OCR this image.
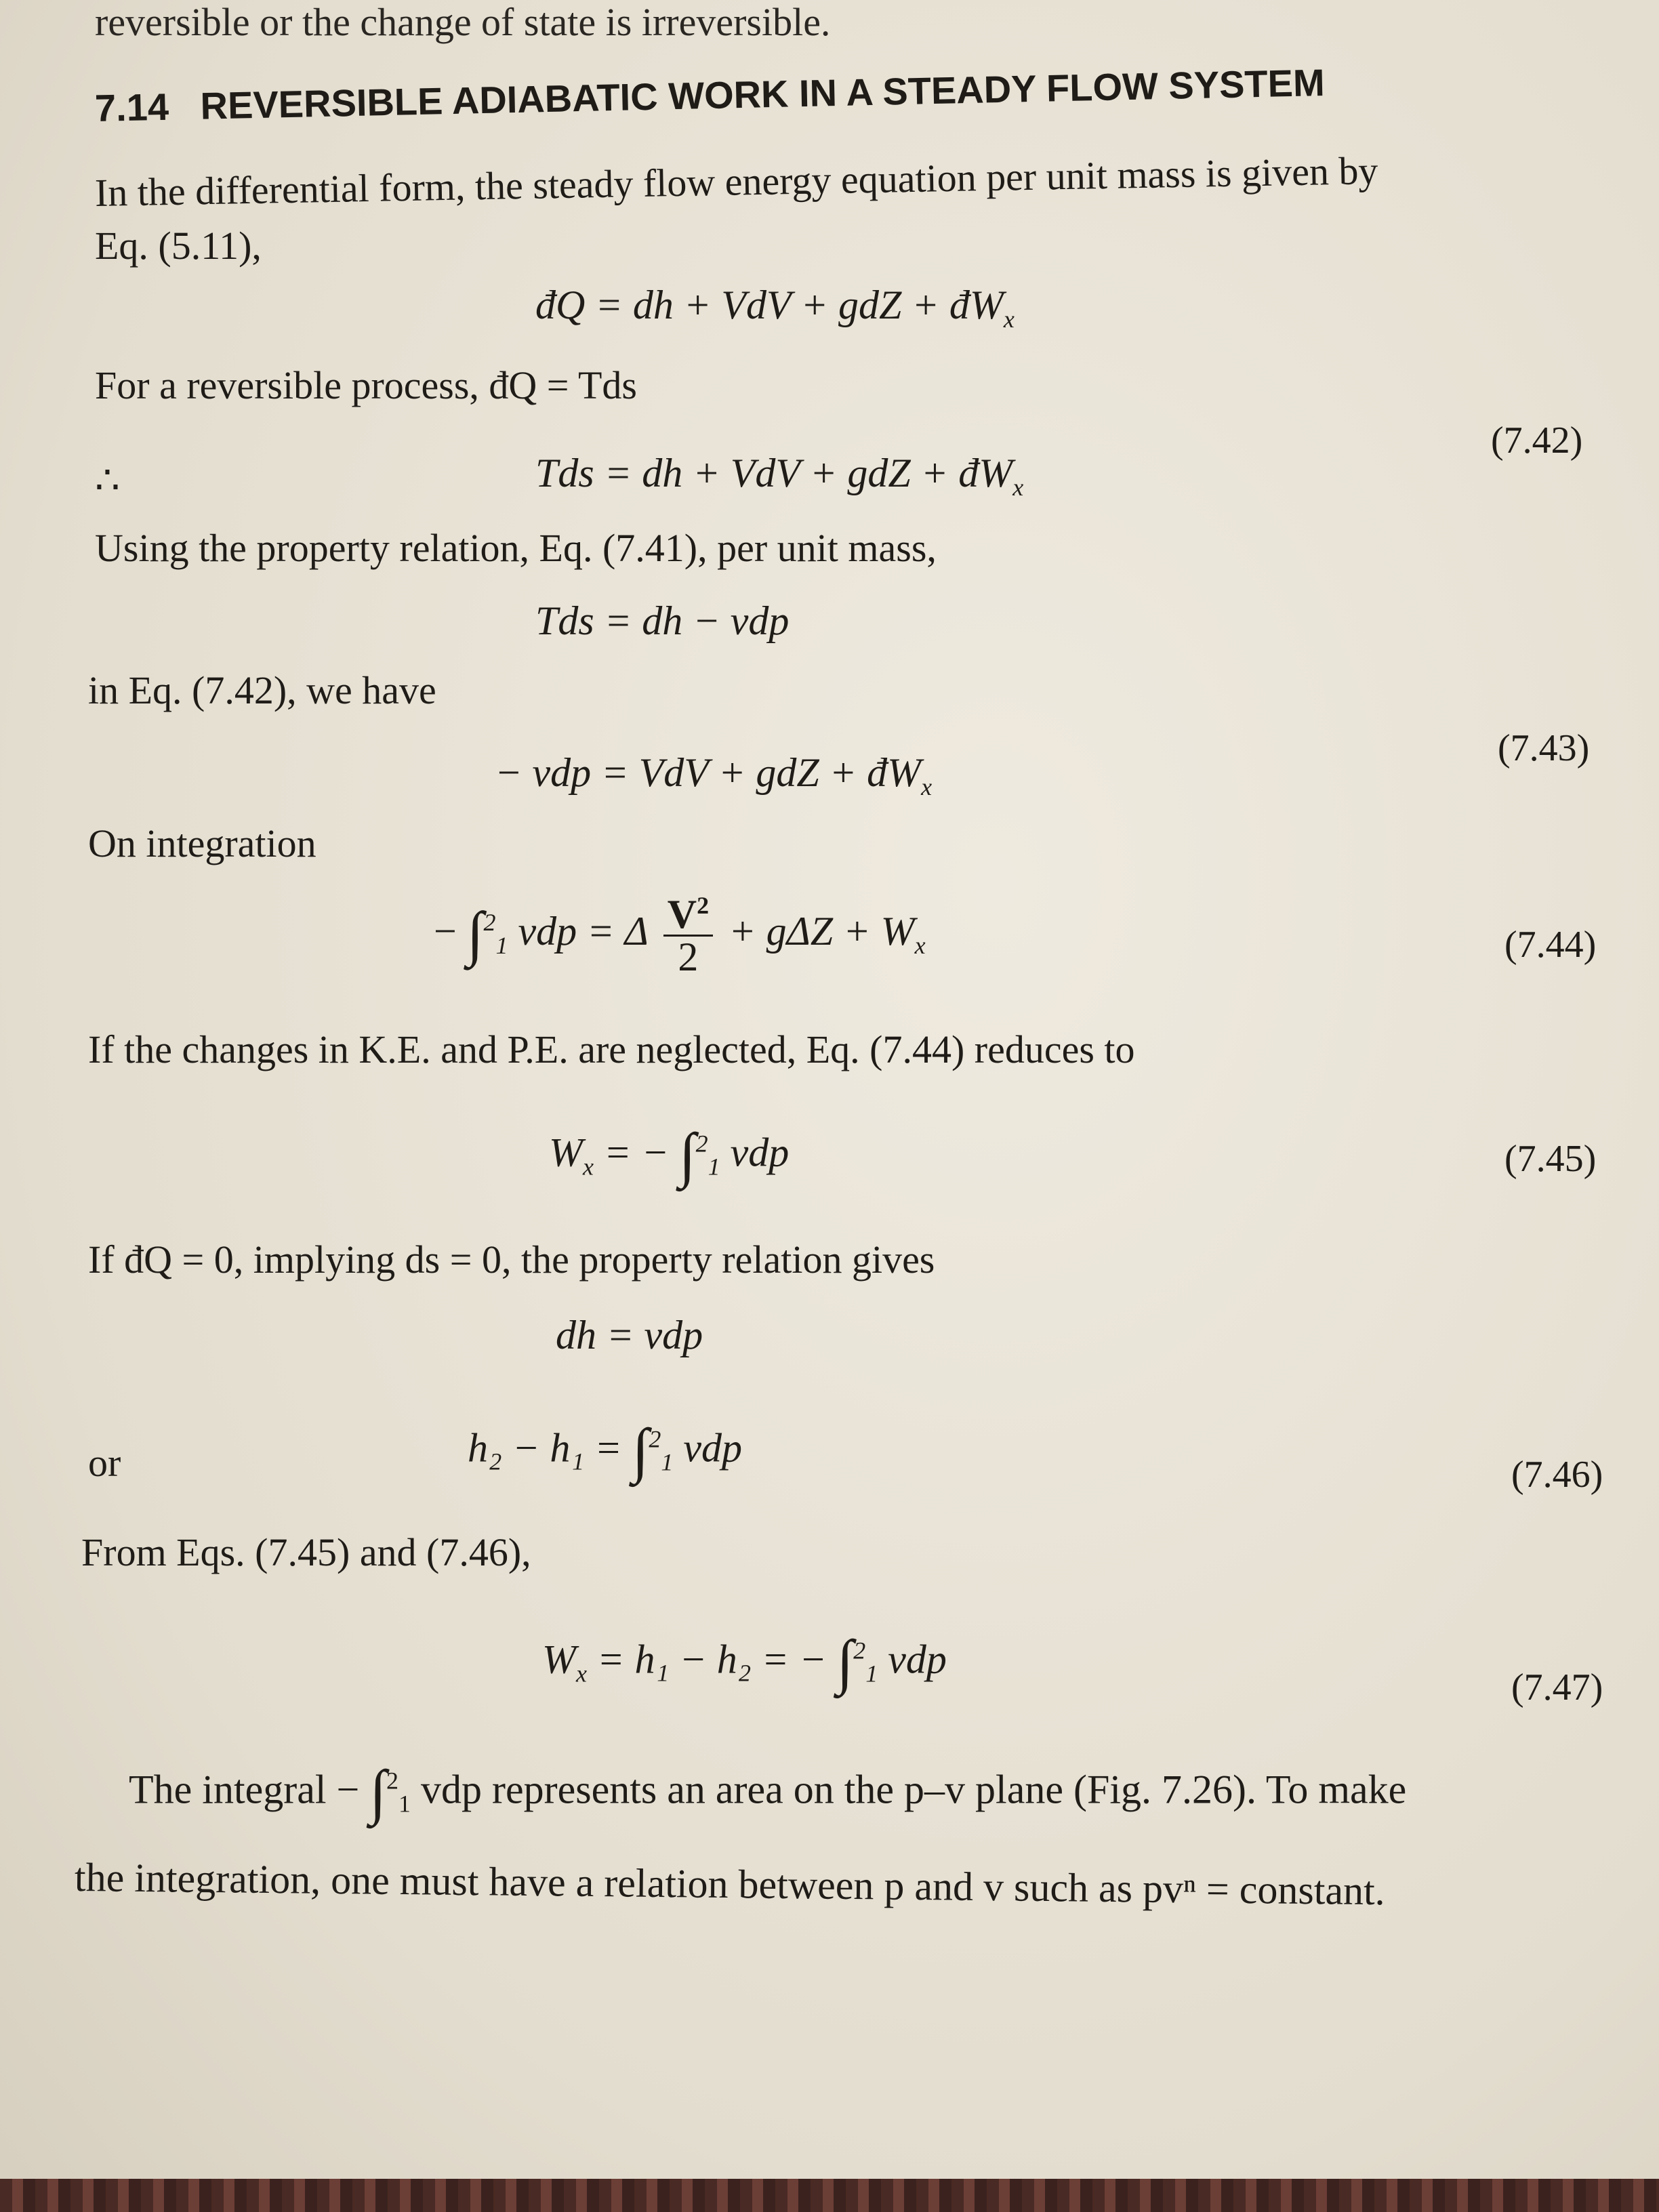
reversible or the change of state is irreversible.
7.14 REVERSIBLE ADIABATIC WORK IN A STEADY FLOW SYSTEM
In the differential form, the steady flow energy equation per unit mass is given by
Eq. (5.11),
đQ = dh + VdV + gdZ + $đW_x$
For a reversible process, đQ = Tds
∴	Tds = dh + VdV + gdZ + $đW_x$
(7.42)
Using the property relation, Eq. (7.41), per unit mass,
Tds = dh − vdp
in Eq. (7.42), we have
− vdp = VdV + gdZ + $đW_x$
(7.43)
On integration
− ∫$^2_1$ vdp = Δ $\frac{V^2}{2} + g\Delta Z + W_x$	(7.44)
If the changes in K.E. and P.E. are neglected, Eq. (7.44) reduces to
$W_x$ = − ∫$^2_1$ vdp	(7.45)
If đQ = 0, implying ds = 0, the property relation gives
dh = vdp
or	h₂ − h₁ = ∫$^2_1$ vdp
(7.46)
From Eqs. (7.45) and (7.46),
$W_x = h_1 - h_2$ = − ∫$^2_1$ vdp
(7.47)
The integral − ∫$^2_1$ vdp represents an area on the p–v plane (Fig. 7.26). To make
the integration, one must have a relation between p and v such as pvⁿ = constant.
